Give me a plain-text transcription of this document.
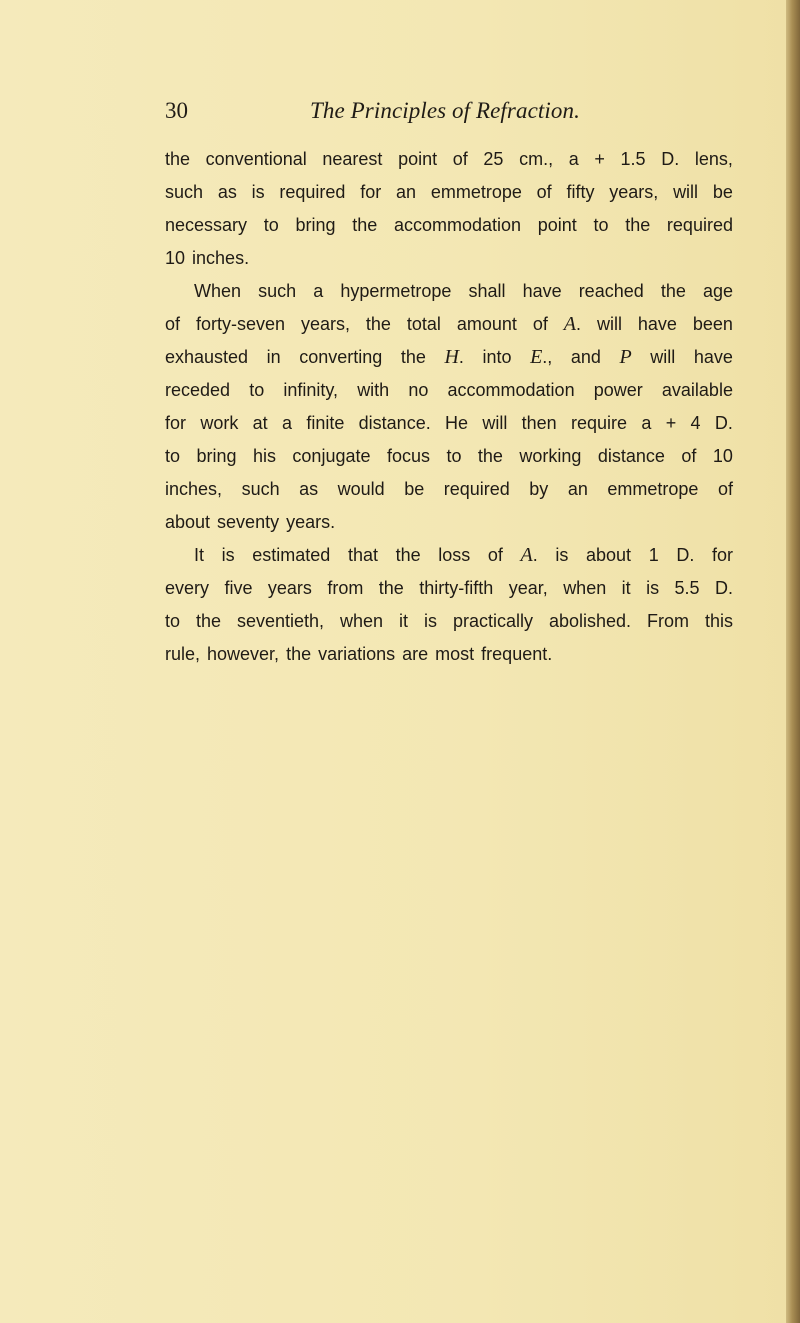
30	The Principles of Refraction.
the conventional nearest point of 25 cm., a + 1.5 D. lens,
such as is required for an emmetrope of fifty years, will be
necessary to bring the accommodation point to the required
10 inches.
When such a hypermetrope shall have reached the age
of forty-seven years, the total amount of A. will have been
exhausted in converting the H. into E., and P will have
receded to infinity, with no accommodation power available
for work at a finite distance. He will then require a + 4 D.
to bring his conjugate focus to the working distance of 10
inches, such as would be required by an emmetrope of
about seventy years.
It is estimated that the loss of A. is about 1 D. for
every five years from the thirty-fifth year, when it is 5.5 D.
to the seventieth, when it is practically abolished. From this
rule, however, the variations are most frequent.
